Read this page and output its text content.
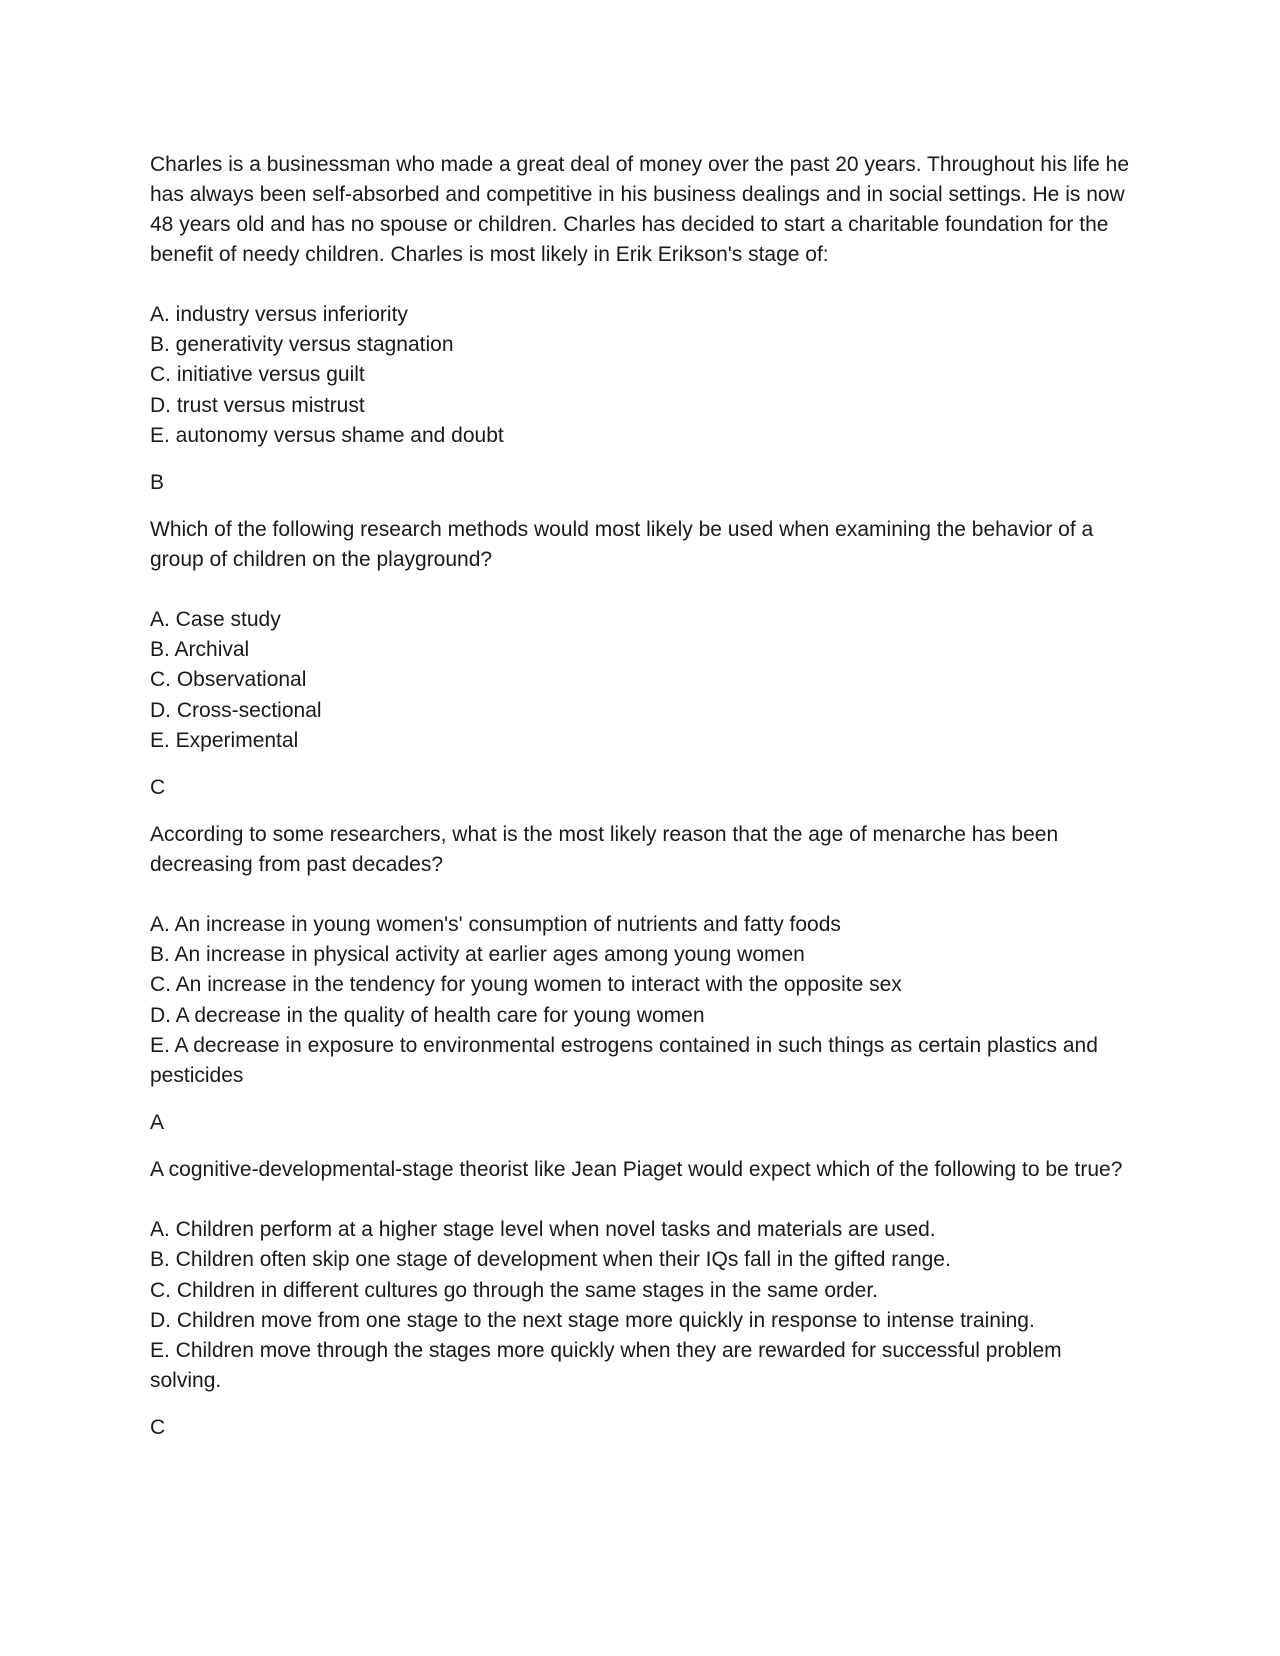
Charles is a businessman who made a great deal of money over the past 20 years. Throughout his life he has always been self-absorbed and competitive in his business dealings and in social settings. He is now 48 years old and has no spouse or children. Charles has decided to start a charitable foundation for the benefit of needy children. Charles is most likely in Erik Erikson's stage of:

A. industry versus inferiority
B. generativity versus stagnation
C. initiative versus guilt
D. trust versus mistrust
E. autonomy versus shame and doubt

B

Which of the following research methods would most likely be used when examining the behavior of a group of children on the playground?

A. Case study
B. Archival
C. Observational
D. Cross-sectional
E. Experimental

C

According to some researchers, what is the most likely reason that the age of menarche has been decreasing from past decades?

A. An increase in young women's' consumption of nutrients and fatty foods
B. An increase in physical activity at earlier ages among young women
C. An increase in the tendency for young women to interact with the opposite sex
D. A decrease in the quality of health care for young women
E. A decrease in exposure to environmental estrogens contained in such things as certain plastics and pesticides

A

A cognitive-developmental-stage theorist like Jean Piaget would expect which of the following to be true?

A. Children perform at a higher stage level when novel tasks and materials are used.
B. Children often skip one stage of development when their IQs fall in the gifted range.
C. Children in different cultures go through the same stages in the same order.
D. Children move from one stage to the next stage more quickly in response to intense training.
E. Children move through the stages more quickly when they are rewarded for successful problem solving.

C
